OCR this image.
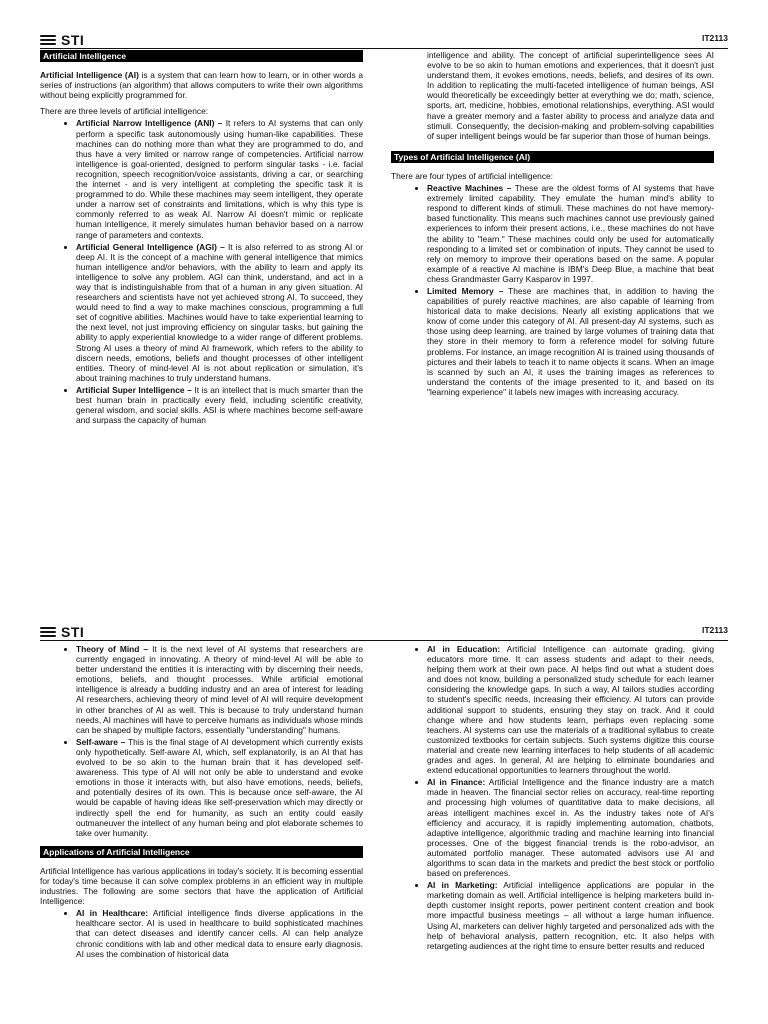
STI	IT2113
Artificial Intelligence

Artificial Intelligence (AI) is a system that can learn how to learn, or in other words a series of instructions (an algorithm) that allows computers to write their own algorithms without being explicitly programmed for.

There are three levels of artificial intelligence:

• Artificial Narrow Intelligence (ANI) – It refers to AI systems that can only perform a specific task autonomously using human-like capabilities. These machines can do nothing more than what they are programmed to do, and thus have a very limited or narrow range of competencies. Artificial narrow intelligence is goal-oriented, designed to perform singular tasks - i.e. facial recognition, speech recognition/voice assistants, driving a car, or searching the internet - and is very intelligent at completing the specific task it is programmed to do. While these machines may seem intelligent, they operate under a narrow set of constraints and limitations, which is why this type is commonly referred to as weak AI. Narrow AI doesn't mimic or replicate human intelligence, it merely simulates human behavior based on a narrow range of parameters and contexts.
• Artificial General Intelligence (AGI) – It is also referred to as strong AI or deep AI. It is the concept of a machine with general intelligence that mimics human intelligence and/or behaviors, with the ability to learn and apply its intelligence to solve any problem. AGI can think, understand, and act in a way that is indistinguishable from that of a human in any given situation. AI researchers and scientists have not yet achieved strong AI. To succeed, they would need to find a way to make machines conscious, programming a full set of cognitive abilities. Machines would have to take experiential learning to the next level, not just improving efficiency on singular tasks, but gaining the ability to apply experiential knowledge to a wider range of different problems. Strong AI uses a theory of mind AI framework, which refers to the ability to discern needs, emotions, beliefs and thought processes of other intelligent entities. Theory of mind-level AI is not about replication or simulation, it's about training machines to truly understand humans.
• Artificial Super Intelligence – It is an intellect that is much smarter than the best human brain in practically every field, including scientific creativity, general wisdom, and social skills. ASI is where machines become self-aware and surpass the capacity of human
intelligence and ability. The concept of artificial superintelligence sees AI evolve to be so akin to human emotions and experiences, that it doesn't just understand them, it evokes emotions, needs, beliefs, and desires of its own. In addition to replicating the multi-faceted intelligence of human beings, ASI would theoretically be exceedingly better at everything we do; math, science, sports, art, medicine, hobbies, emotional relationships, everything. ASI would have a greater memory and a faster ability to process and analyze data and stimuli. Consequently, the decision-making and problem-solving capabilities of super intelligent beings would be far superior than those of human beings.
Types of Artificial Intelligence (AI)

There are four types of artificial intelligence:

• Reactive Machines – These are the oldest forms of AI systems that have extremely limited capability. They emulate the human mind's ability to respond to different kinds of stimuli. These machines do not have memory-based functionality. This means such machines cannot use previously gained experiences to inform their present actions, i.e., these machines do not have the ability to "learn." These machines could only be used for automatically responding to a limited set or combination of inputs. They cannot be used to rely on memory to improve their operations based on the same. A popular example of a reactive AI machine is IBM's Deep Blue, a machine that beat chess Grandmaster Garry Kasparov in 1997.
• Limited Memory – These are machines that, in addition to having the capabilities of purely reactive machines, are also capable of learning from historical data to make decisions. Nearly all existing applications that we know of come under this category of AI. All present-day AI systems, such as those using deep learning, are trained by large volumes of training data that they store in their memory to form a reference model for solving future problems. For instance, an image recognition AI is trained using thousands of pictures and their labels to teach it to name objects it scans. When an image is scanned by such an AI, it uses the training images as references to understand the contents of the image presented to it, and based on its "learning experience" it labels new images with increasing accuracy.
STI	IT2113
• Theory of Mind – It is the next level of AI systems that researchers are currently engaged in innovating. A theory of mind-level AI will be able to better understand the entities it is interacting with by discerning their needs, emotions, beliefs, and thought processes. While artificial emotional intelligence is already a budding industry and an area of interest for leading AI researchers, achieving theory of mind level of AI will require development in other branches of AI as well. This is because to truly understand human needs, AI machines will have to perceive humans as individuals whose minds can be shaped by multiple factors, essentially "understanding" humans.
• Self-aware – This is the final stage of AI development which currently exists only hypothetically. Self-aware AI, which, self explanatorily, is an AI that has evolved to be so akin to the human brain that it has developed self-awareness. This type of AI will not only be able to understand and evoke emotions in those it interacts with, but also have emotions, needs, beliefs, and potentially desires of its own. This is because once self-aware, the AI would be capable of having ideas like self-preservation which may directly or indirectly spell the end for humanity, as such an entity could easily outmaneuver the intellect of any human being and plot elaborate schemes to take over humanity.
Applications of Artificial Intelligence

Artificial Intelligence has various applications in today's society. It is becoming essential for today's time because it can solve complex problems in an efficient way in multiple industries. The following are some sectors that have the application of Artificial Intelligence:

• AI in Healthcare: Artificial intelligence finds diverse applications in the healthcare sector. AI is used in healthcare to build sophisticated machines that can detect diseases and identify cancer cells. AI can help analyze chronic conditions with lab and other medical data to ensure early diagnosis. AI uses the combination of historical data
• AI in Education: Artificial Intelligence can automate grading, giving educators more time. It can assess students and adapt to their needs, helping them work at their own pace. AI helps find out what a student does and does not know, building a personalized study schedule for each learner considering the knowledge gaps. In such a way, AI tailors studies according to student's specific needs, increasing their efficiency. AI tutors can provide additional support to students, ensuring they stay on track. And it could change where and how students learn, perhaps even replacing some teachers. AI systems can use the materials of a traditional syllabus to create customized textbooks for certain subjects. Such systems digitize this course material and create new learning interfaces to help students of all academic grades and ages. In general, AI are helping to eliminate boundaries and extend educational opportunities to learners throughout the world.
• AI in Finance: Artificial Intelligence and the finance industry are a match made in heaven. The financial sector relies on accuracy, real-time reporting and processing high volumes of quantitative data to make decisions, all areas intelligent machines excel in. As the industry takes note of AI's efficiency and accuracy, it is rapidly implementing automation, chatbots, adaptive intelligence, algorithmic trading and machine learning into financial processes. One of the biggest financial trends is the robo-advisor, an automated portfolio manager. These automated advisors use AI and algorithms to scan data in the markets and predict the best stock or portfolio based on preferences.
• AI in Marketing: Artificial intelligence applications are popular in the marketing domain as well. Artificial intelligence is helping marketers build in-depth customer insight reports, power pertinent content creation and book more impactful business meetings – all without a large human influence. Using AI, marketers can deliver highly targeted and personalized ads with the help of behavioral analysis, pattern recognition, etc. It also helps with retargeting audiences at the right time to ensure better results and reduced
